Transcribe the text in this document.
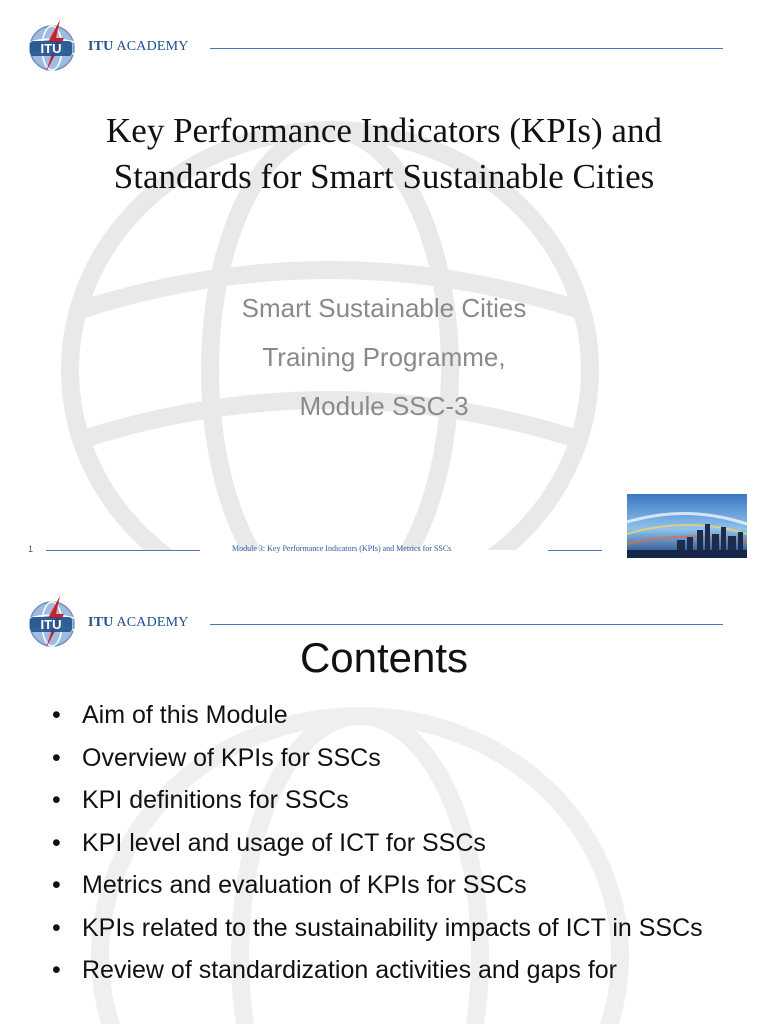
ITU ITU ACADEMY
Key Performance Indicators (KPIs) and Standards for Smart Sustainable Cities
Smart Sustainable Cities
Training Programme,
Module SSC-3
1	Module 3: Key Performance Indicators (KPIs) and Metrics for SSCs
ITU ITU ACADEMY
Contents
• Aim of this Module
• Overview of KPIs for SSCs
• KPI definitions for SSCs
• KPI level and usage of ICT for SSCs
• Metrics and evaluation of KPIs for SSCs
• KPIs related to the sustainability impacts of ICT in SSCs
• Review of standardization activities and gaps for
